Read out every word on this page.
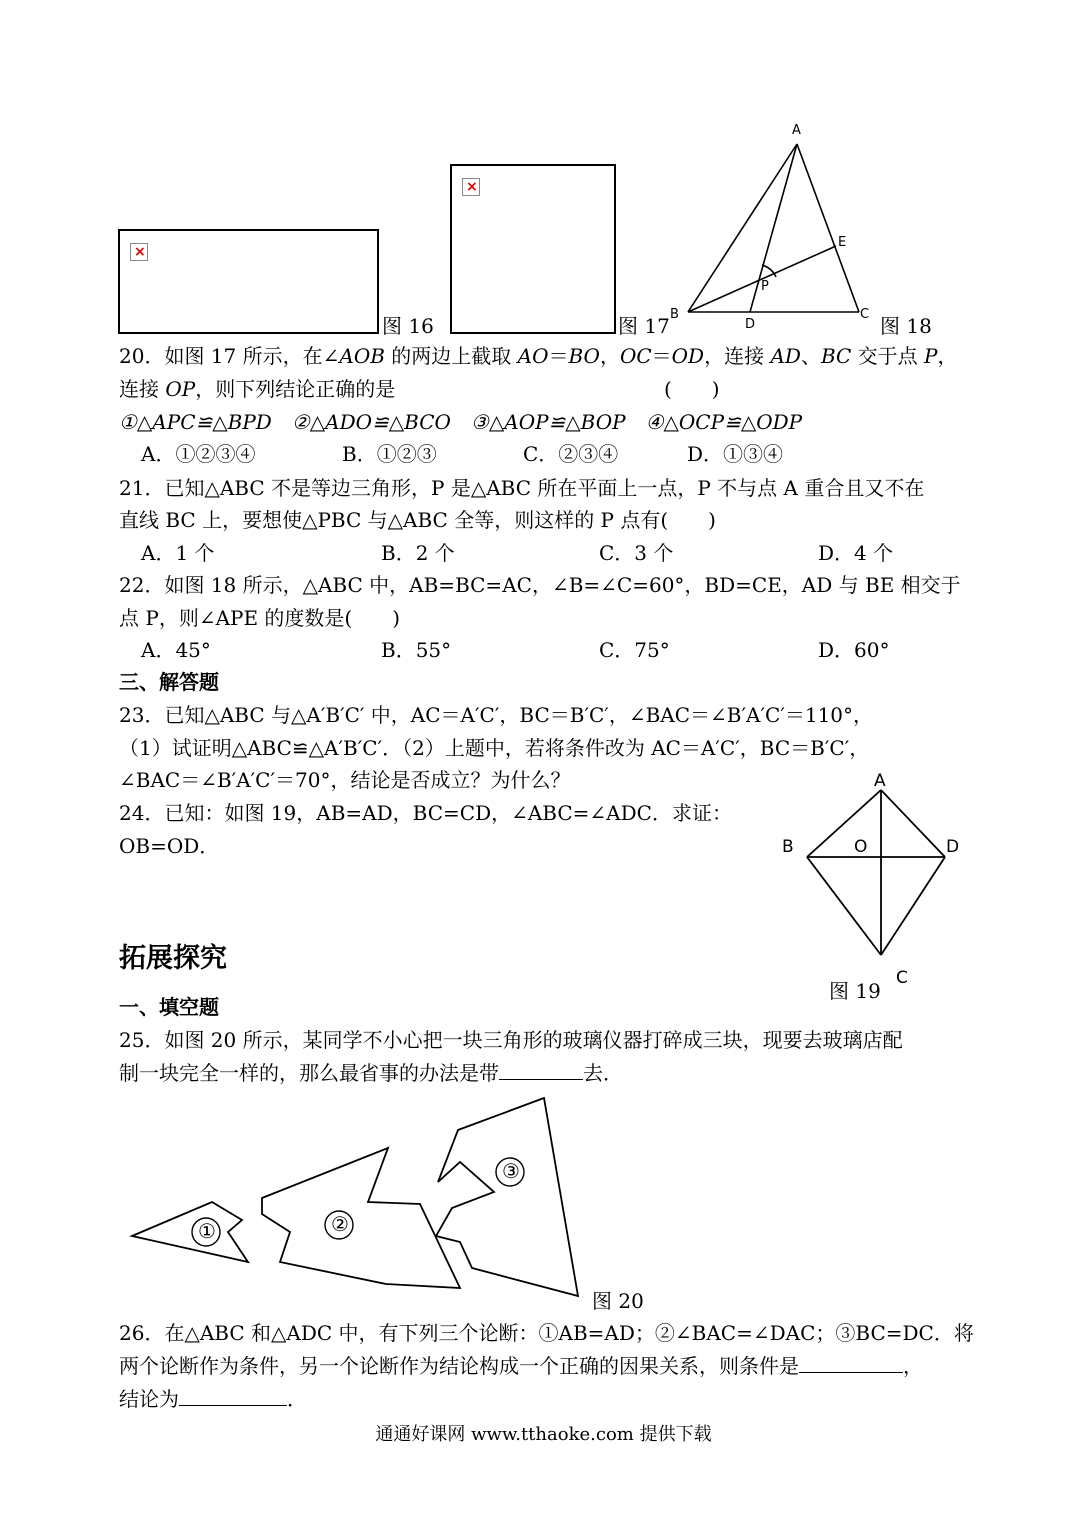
×
图 16
×
图 17
A
B	C
D
E
P
图 18
20．如图 17 所示，在∠AOB 的两边上截取 AO＝BO，OC＝OD，连接 AD、BC 交于点 P，
连接 OP，则下列结论正确的是	(　　)
①△APC≌△BPD　②△ADO≌△BCO　③△AOP≌△BOP　④△OCP≌△ODP
A．①②③④	B．①②③	C．②③④	D．①③④
21．已知△ABC 不是等边三角形，P 是△ABC 所在平面上一点，P 不与点 A 重合且又不在
直线 BC 上，要想使△PBC 与△ABC 全等，则这样的 P 点有(　　)
A．1 个	B．2 个	C．3 个	D．4 个
22．如图 18 所示，△ABC 中，AB=BC=AC，∠B=∠C=60°，BD=CE，AD 与 BE 相交于
点 P，则∠APE 的度数是(　　)
A．45°	B．55°	C．75°	D．60°
三、解答题
23．已知△ABC 与△A′B′C′ 中，AC＝A′C′，BC＝B′C′，∠BAC＝∠B′A′C′＝110°，
（1）试证明△ABC≌△A′B′C′．（2）上题中，若将条件改为 AC＝A′C′，BC＝B′C′，
∠BAC＝∠B′A′C′＝70°，结论是否成立？为什么？
24．已知：如图 19，AB=AD，BC=CD，∠ABC=∠ADC．求证：
OB=OD．
A
B	O	D
C
图 19
拓展探究
一、填空题
25．如图 20 所示，某同学不小心把一块三角形的玻璃仪器打碎成三块，现要去玻璃店配
制一块完全一样的，那么最省事的办法是带	去．
① ①	②
③
图 20
26．在△ABC 和△ADC 中，有下列三个论断：①AB=AD；②∠BAC=∠DAC；③BC=DC．将
两个论断作为条件，另一个论断作为结论构成一个正确的因果关系，则条件是	，
结论为	．
通通好课网 www.tthaoke.com 提供下载
